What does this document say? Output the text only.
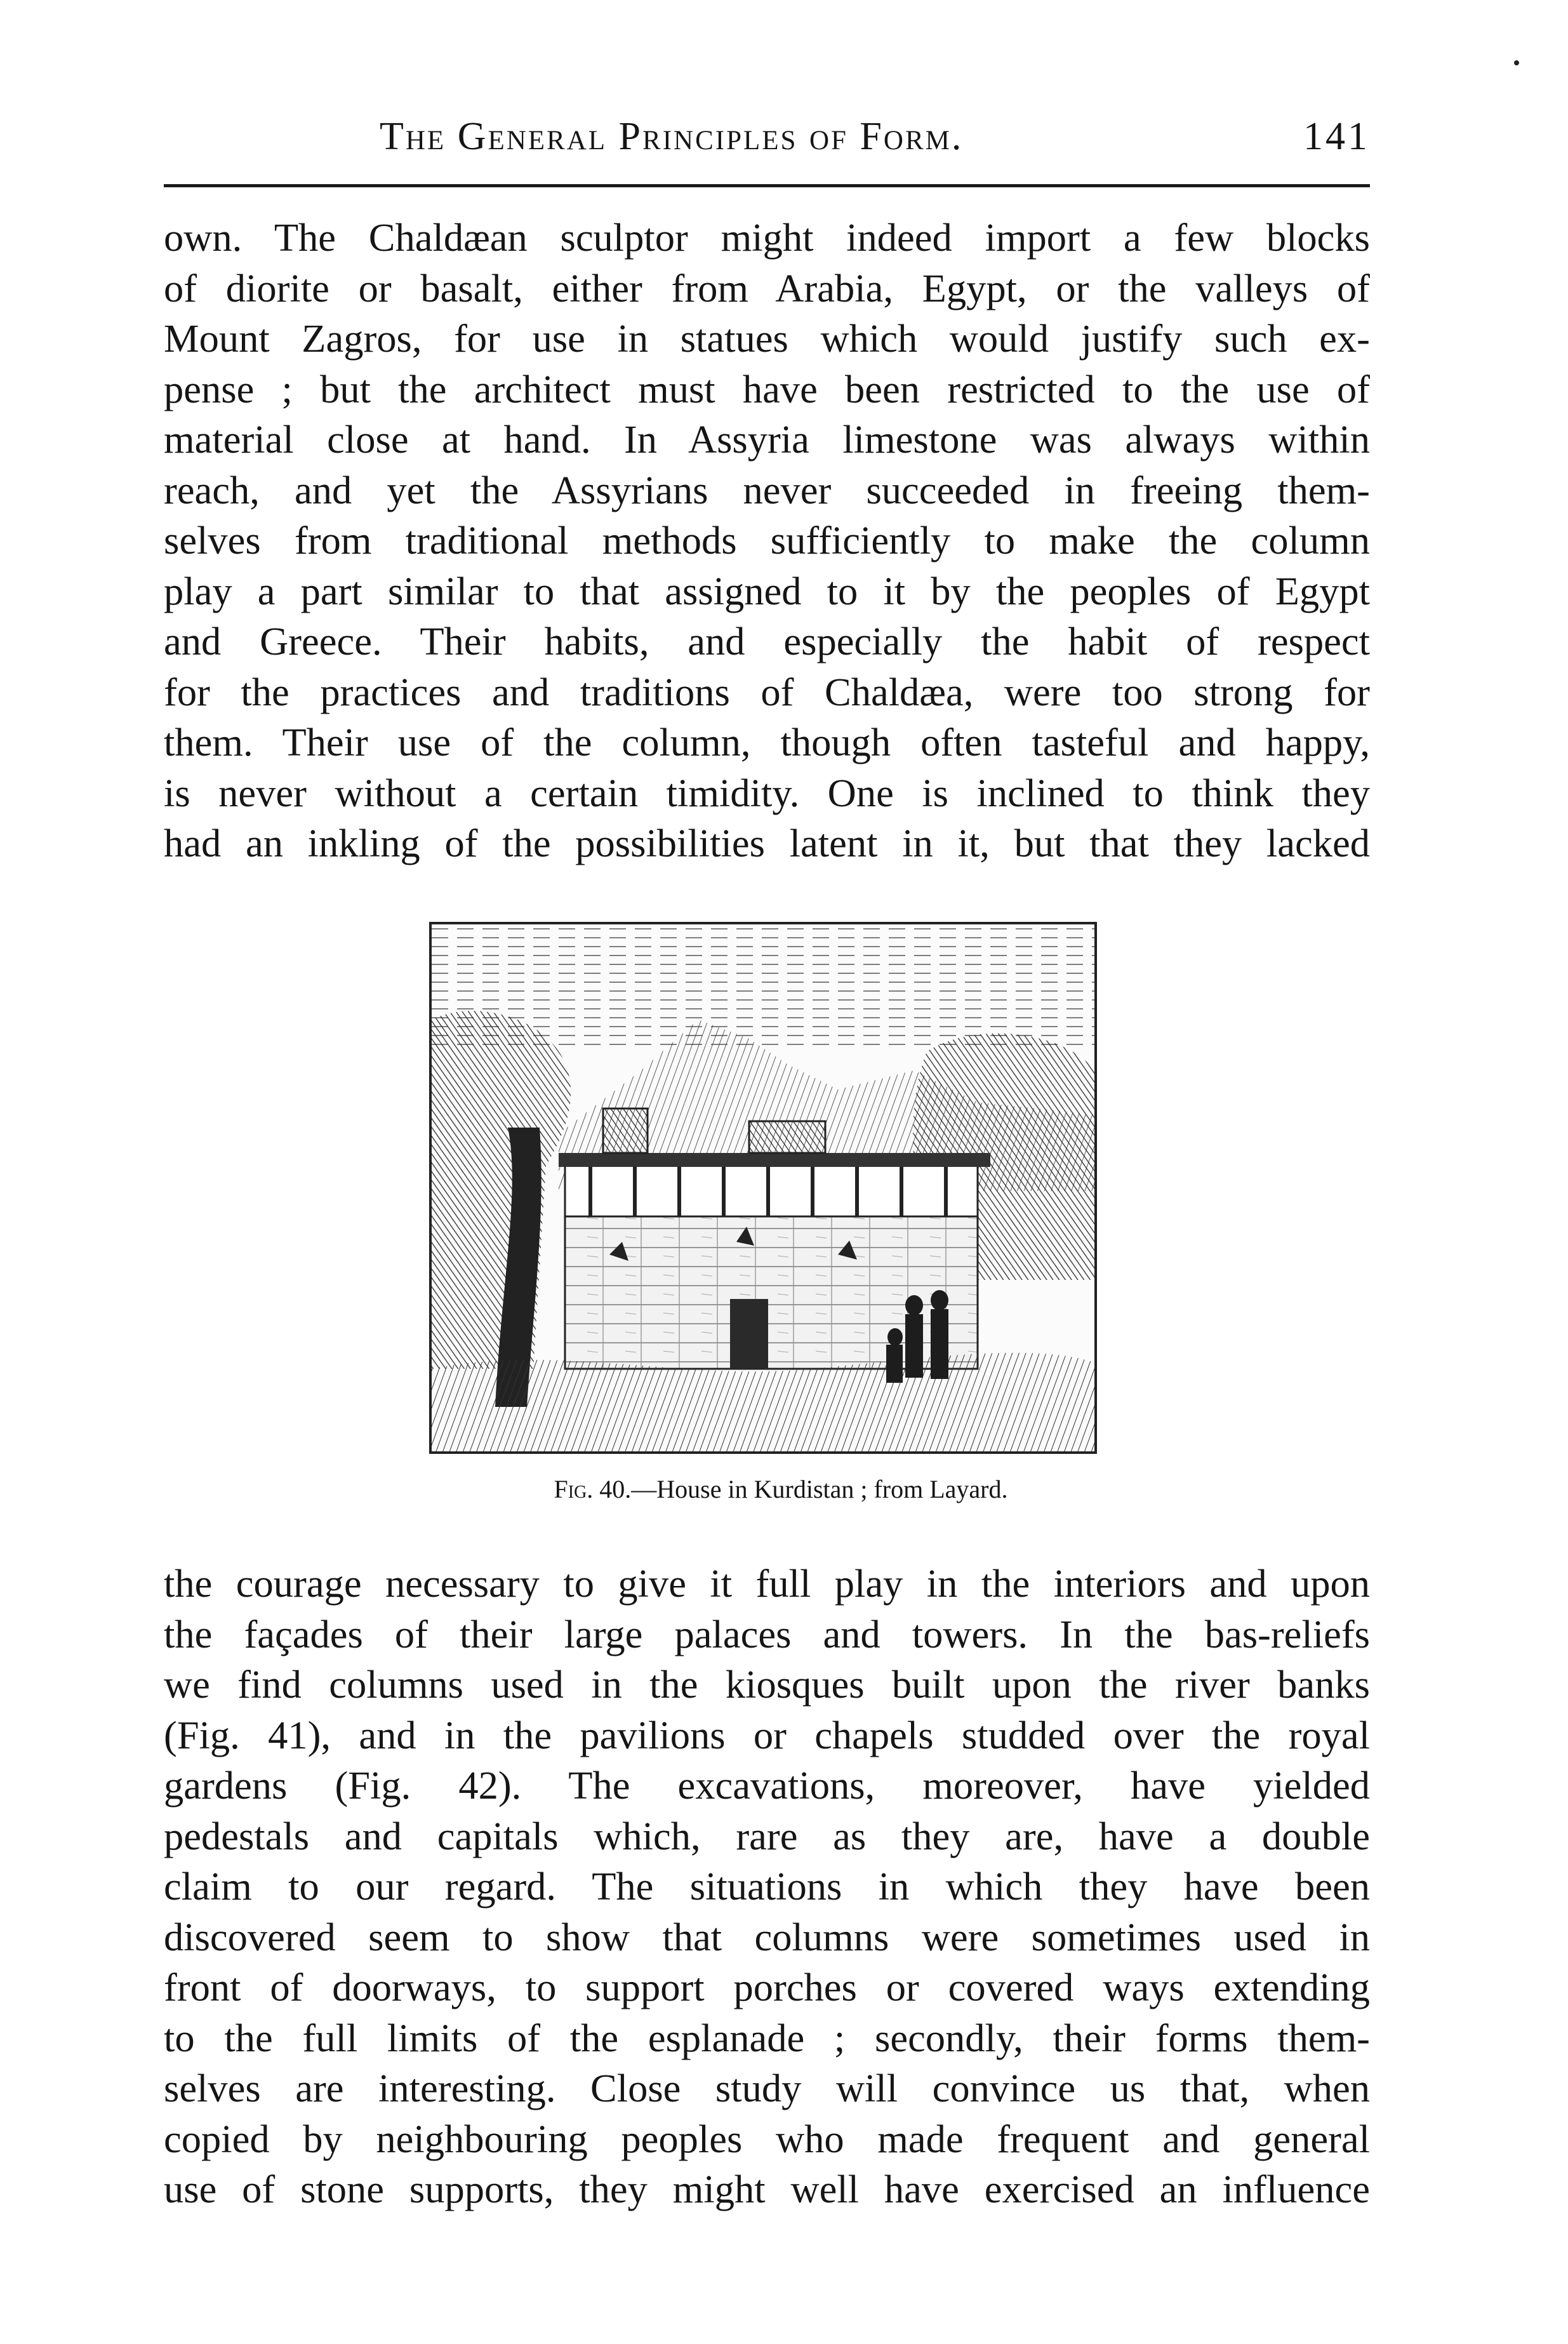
The General Principles of Form.	141
own. The Chaldæan sculptor might indeed import a few blocks
of diorite or basalt, either from Arabia, Egypt, or the valleys of
Mount Zagros, for use in statues which would justify such ex-
pense ; but the architect must have been restricted to the use of
material close at hand. In Assyria limestone was always within
reach, and yet the Assyrians never succeeded in freeing them-
selves from traditional methods sufficiently to make the column
play a part similar to that assigned to it by the peoples of Egypt
and Greece. Their habits, and especially the habit of respect
for the practices and traditions of Chaldæa, were too strong for
them. Their use of the column, though often tasteful and happy,
is never without a certain timidity. One is inclined to think they
had an inkling of the possibilities latent in it, but that they lacked
Fig. 40.—House in Kurdistan ; from Layard.
the courage necessary to give it full play in the interiors and upon
the façades of their large palaces and towers. In the bas-reliefs
we find columns used in the kiosques built upon the river banks
(Fig. 41), and in the pavilions or chapels studded over the royal
gardens (Fig. 42). The excavations, moreover, have yielded
pedestals and capitals which, rare as they are, have a double
claim to our regard. The situations in which they have been
discovered seem to show that columns were sometimes used in
front of doorways, to support porches or covered ways extending
to the full limits of the esplanade ; secondly, their forms them-
selves are interesting. Close study will convince us that, when
copied by neighbouring peoples who made frequent and general
use of stone supports, they might well have exercised an influence
